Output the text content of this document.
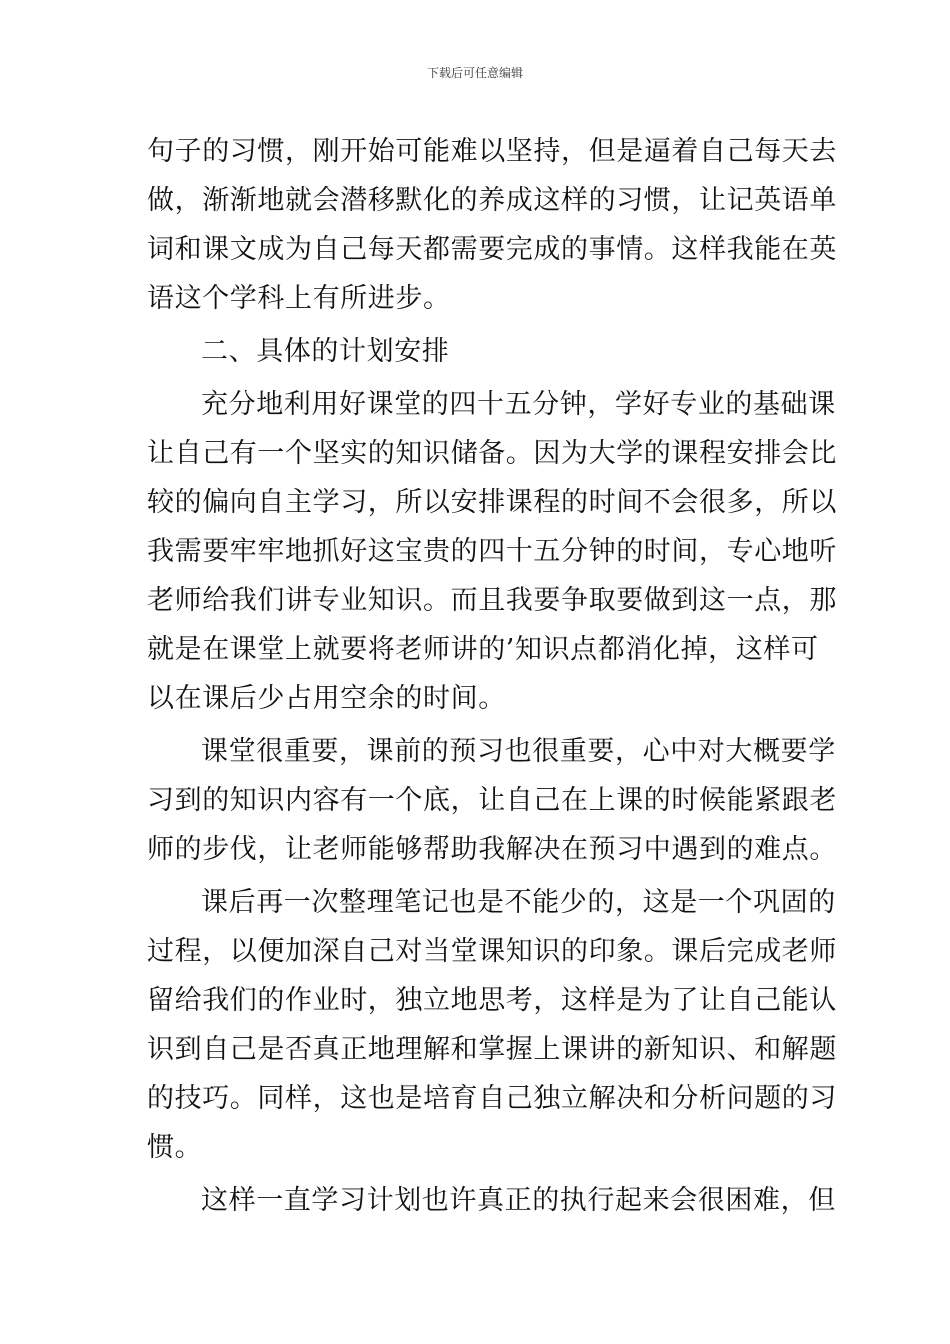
下载后可任意编辑
句子的习惯，刚开始可能难以坚持，但是逼着自己每天去
做，渐渐地就会潜移默化的养成这样的习惯，让记英语单
词和课文成为自己每天都需要完成的事情。这样我能在英
语这个学科上有所进步。
二、具体的计划安排
充分地利用好课堂的四十五分钟，学好专业的基础课
让自己有一个坚实的知识储备。因为大学的课程安排会比
较的偏向自主学习，所以安排课程的时间不会很多，所以
我需要牢牢地抓好这宝贵的四十五分钟的时间，专心地听
老师给我们讲专业知识。而且我要争取要做到这一点，那
就是在课堂上就要将老师讲的’知识点都消化掉，这样可
以在课后少占用空余的时间。
课堂很重要，课前的预习也很重要，心中对大概要学
习到的知识内容有一个底，让自己在上课的时候能紧跟老
师的步伐，让老师能够帮助我解决在预习中遇到的难点。
课后再一次整理笔记也是不能少的，这是一个巩固的
过程，以便加深自己对当堂课知识的印象。课后完成老师
留给我们的作业时，独立地思考，这样是为了让自己能认
识到自己是否真正地理解和掌握上课讲的新知识、和解题
的技巧。同样，这也是培育自己独立解决和分析问题的习
惯。
这样一直学习计划也许真正的执行起来会很困难，但
